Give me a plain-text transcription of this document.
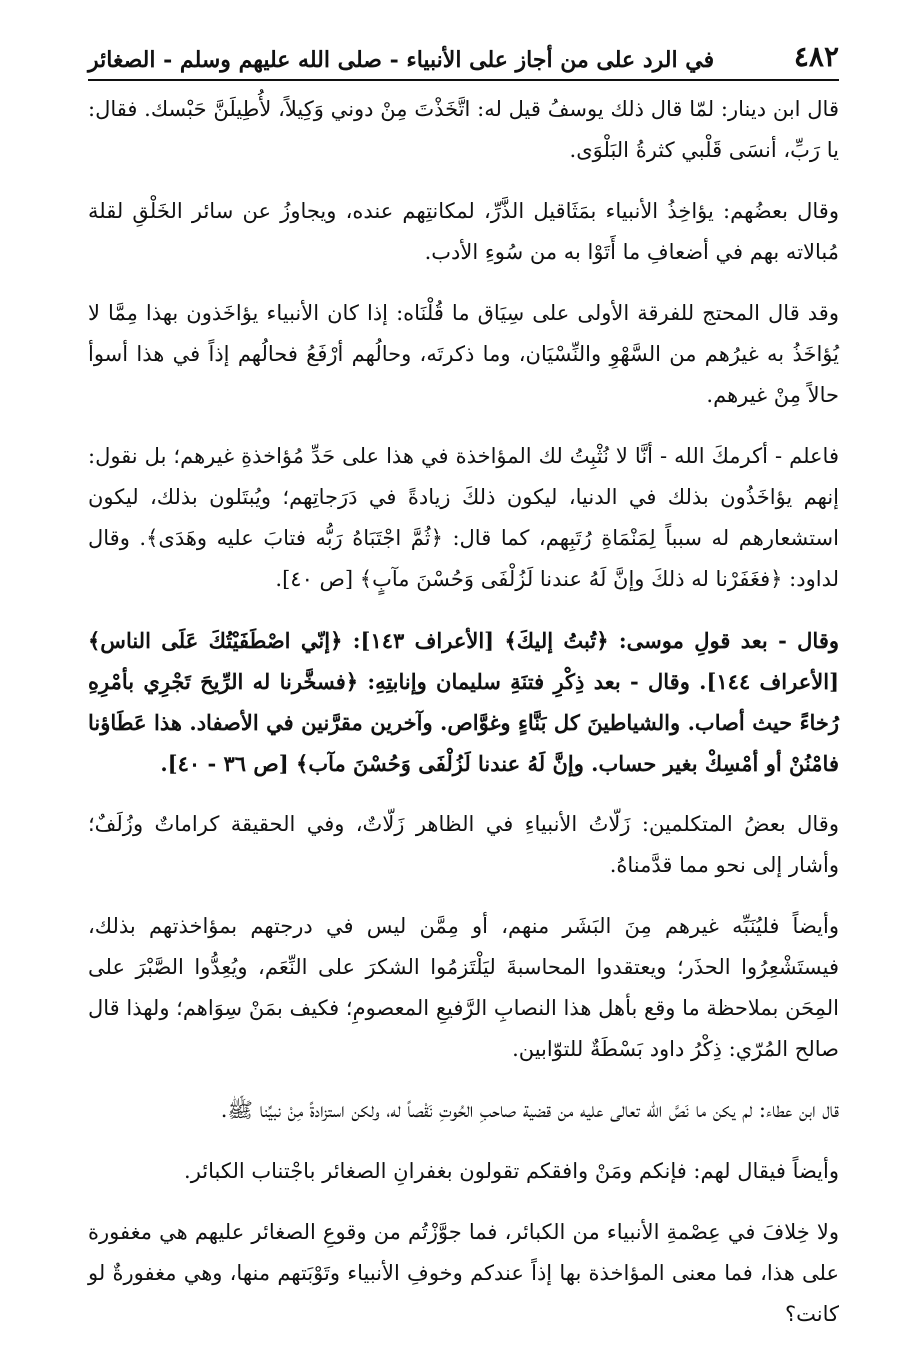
٤٨٢
في الرد على من أجاز على الأنبياء - صلى الله عليهم وسلم - الصغائر

قال ابن دينار: لمّا قال ذلك يوسفُ قيل له: اتَّخَذْتَ مِنْ دوني وَكِيلاً، لأُطِيلَنَّ حَبْسك. فقال: يا رَبِّ، أنسَى قَلْبي كثرةُ البَلْوَى.

وقال بعضُهم: يؤاخِذُ الأنبياء بمَثَاقيل الذَّرِّ، لمكانتِهم عنده، ويجاوزُ عن سائر الخَلْقِ لقلة مُبالاته بهم في أضعافِ ما أَتَوْا به من سُوءِ الأدب.

وقد قال المحتج للفرقة الأولى على سِيَاق ما قُلْنَاه: إذا كان الأنبياء يؤاخَذون بهذا مِمَّا لا يُؤاخَذُ به غيرُهم من السَّهْوِ والنِّسْيَان، وما ذكرتَه، وحالُهم أرْفَعُ فحالُهم إذاً في هذا أسوأ حالاً مِنْ غيرهم.

فاعلم - أكرمكَ الله - أنَّا لا نُثْبِتُ لك المؤاخذة في هذا على حَدِّ مُؤاخذةِ غيرهم؛ بل نقول: إنهم يؤاخَذُون بذلك في الدنيا، ليكون ذلكَ زيادةً في دَرَجاتِهم؛ ويُبتَلون بذلك، ليكون استشعارهم له سبباً لِمَنْمَاةِ رُتَبِهم، كما قال: ﴿ثُمَّ اجْتَبَاهُ رَبُّه فتابَ عليه وهَدَى﴾. وقال لداود: ﴿فغَفَرْنا له ذلكَ وإنَّ لَهُ عندنا لَزُلْفَى وَحُسْنَ مآبٍ﴾ [ص ٤٠].

وقال - بعد قولِ موسى: ﴿تُبتُ إليكَ﴾ [الأعراف ١٤٣]: ﴿إنّي اصْطَفَيْتُكَ عَلَى الناس﴾ [الأعراف ١٤٤]. وقال - بعد ذِكْرِ فتنَةِ سليمان وإنابتِهِ: ﴿فسخَّرنا له الرِّيحَ تَجْرِي بأمْرِهِ رُخاءً حيث أصاب. والشياطينَ كل بَنَّاءٍ وغوَّاص. وآخرين مقرَّنين في الأصفاد. هذا عَطَاؤنا فامْنُنْ أو أمْسِكْ بغير حساب. وإنَّ لَهُ عندنا لَزُلْفَى وَحُسْنَ مآب﴾ [ص ٣٦ - ٤٠].

وقال بعضُ المتكلمين: زَلّاتُ الأنبياءِ في الظاهر زَلّاتٌ، وفي الحقيقة كراماتٌ وزُلَفٌ؛ وأشار إلى نحو مما قدَّمناهُ.

وأيضاً فليُنَبِّه غيرهم مِنَ البَشَر منهم، أو مِمَّن ليس في درجتهم بمؤاخذتهم بذلك، فيستَشْعِرُوا الحذَر؛ ويعتقدوا المحاسبةَ ليَلْتَزمُوا الشكرَ على النِّعَم، ويُعِدُّوا الصَّبْرَ على المِحَن بملاحظة ما وقع بأهل هذا النصابِ الرَّفيعِ المعصومِ؛ فكيف بمَنْ سِوَاهم؛ ولهذا قال صالح المُرّي: ذِكْرُ داود بَسْطَةٌ للتوّابين.

قال ابن عطاء: لم يكن ما نَصَّ الله تعالى عليه من قضية صاحبِ الحُوتِ نَقْصاً له، ولكن استزادةً مِنْ نبيِّنا ﷺ.

وأيضاً فيقال لهم: فإنكم ومَنْ وافقكم تقولون بغفرانِ الصغائر باجْتناب الكبائر.

ولا خِلافَ في عِصْمةِ الأنبياء من الكبائر، فما جوَّزْتُم من وقوعِ الصغائر عليهم هي مغفورة على هذا، فما معنى المؤاخذة بها إذاً عندكم وخوفِ الأنبياء وتَوْبَتهم منها، وهي مغفورةٌ لو كانت؟
